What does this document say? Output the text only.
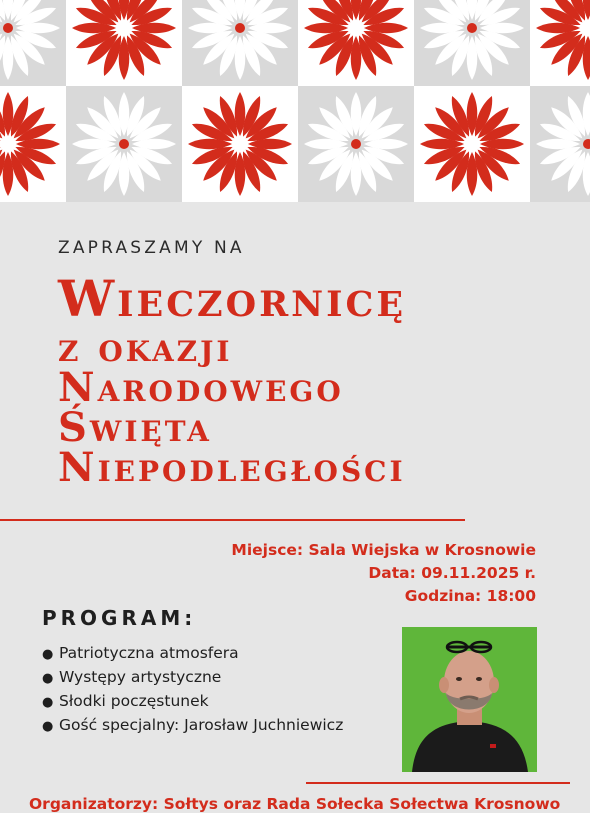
ZAPRASZAMY NA
Wieczornicę
z okazji
Narodowego
Święta
Niepodległości
Miejsce: Sala Wiejska w Krosnowie
Data: 09.11.2025 r.
Godzina: 18:00
PROGRAM:
● Patriotyczna atmosfera
● Występy artystyczne
● Słodki poczęstunek
● Gość specjalny: Jarosław Juchniewicz
Organizatorzy: Sołtys oraz Rada Sołecka Sołectwa Krosnowo
